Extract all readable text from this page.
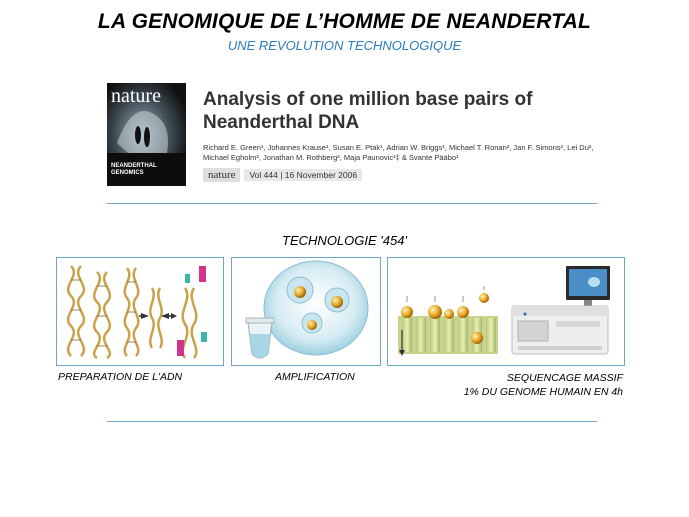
LA GENOMIQUE DE L’HOMME DE NEANDERTAL
UNE REVOLUTION TECHNOLOGIQUE
nature
NEANDERTHAL
GENOMICS
Analysis of one million base pairs of
Neanderthal DNA
Richard E. Green¹, Johannes Krause¹, Susan E. Ptak¹, Adrian W. Briggs¹, Michael T. Ronan², Jan F. Simons², Lei Du², Michael Egholm², Jonathan M. Rothberg², Maja Paunovic¹‡ & Svante Pääbo¹
nature	Vol 444 | 16 November 2006
TECHNOLOGIE '454'
PREPARATION DE L'ADN	AMPLIFICATION	SEQUENCAGE MASSIF
1% DU GENOME HUMAIN EN 4h
